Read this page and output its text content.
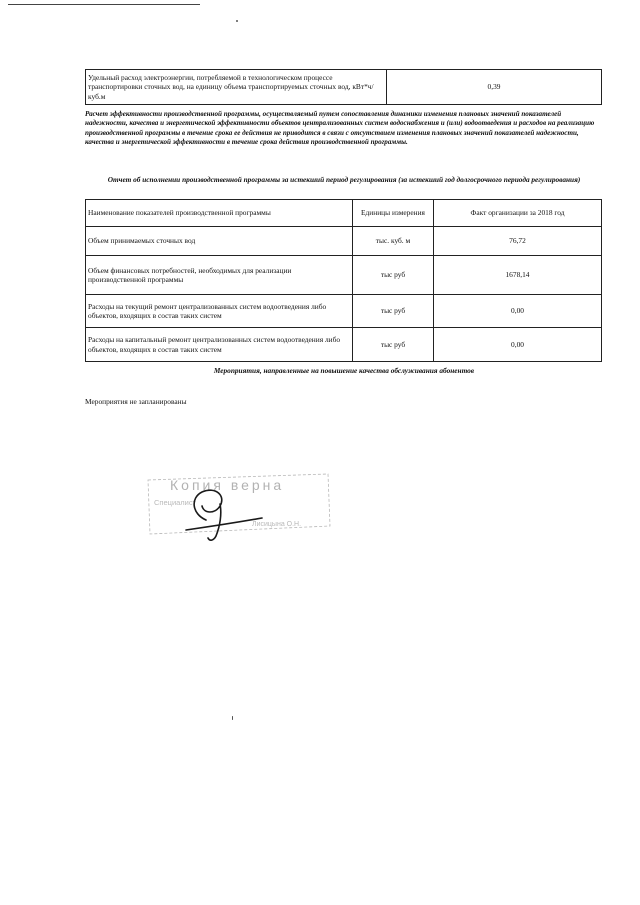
Удельный расход электроэнергии, потребляемой в технологическом процессе транспортировки сточных вод, на единицу объема транспортируемых сточных вод, кВт*ч/ куб.м	0,39
Расчет эффективности производственной программы, осуществляемый путем сопоставления динамики изменения плановых значений показателей надежности, качества и энергетической эффективности объектов централизованных систем водоснабжения и (или) водоотведения и расходов на реализацию производственной программы в течение срока ее действия не приводится в связи с отсутствием изменения плановых значений показателей надежности, качества и энергетической эффективности в течение срока действия производственной программы.
Отчет об исполнении производственной программы за истекший период регулирования (за истекший год долгосрочного периода регулирования)
Наименование показателей производственной программы	Единицы измерения	Факт организации за 2018 год
Объем принимаемых сточных вод	тыс. куб. м	76,72
Объем финансовых потребностей, необходимых для реализации производственной программы	тыс руб	1678,14
Расходы на текущий ремонт централизованных систем водоотведения либо объектов, входящих в состав таких систем	тыс руб	0,00
Расходы на капитальный ремонт централизованных систем водоотведения либо объектов, входящих в состав таких систем	тыс руб	0,00
Мероприятия, направленные на повышение качества обслуживания абонентов
Мероприятия не запланированы
Копия верна
Специалист
Лисицына О.Н.
